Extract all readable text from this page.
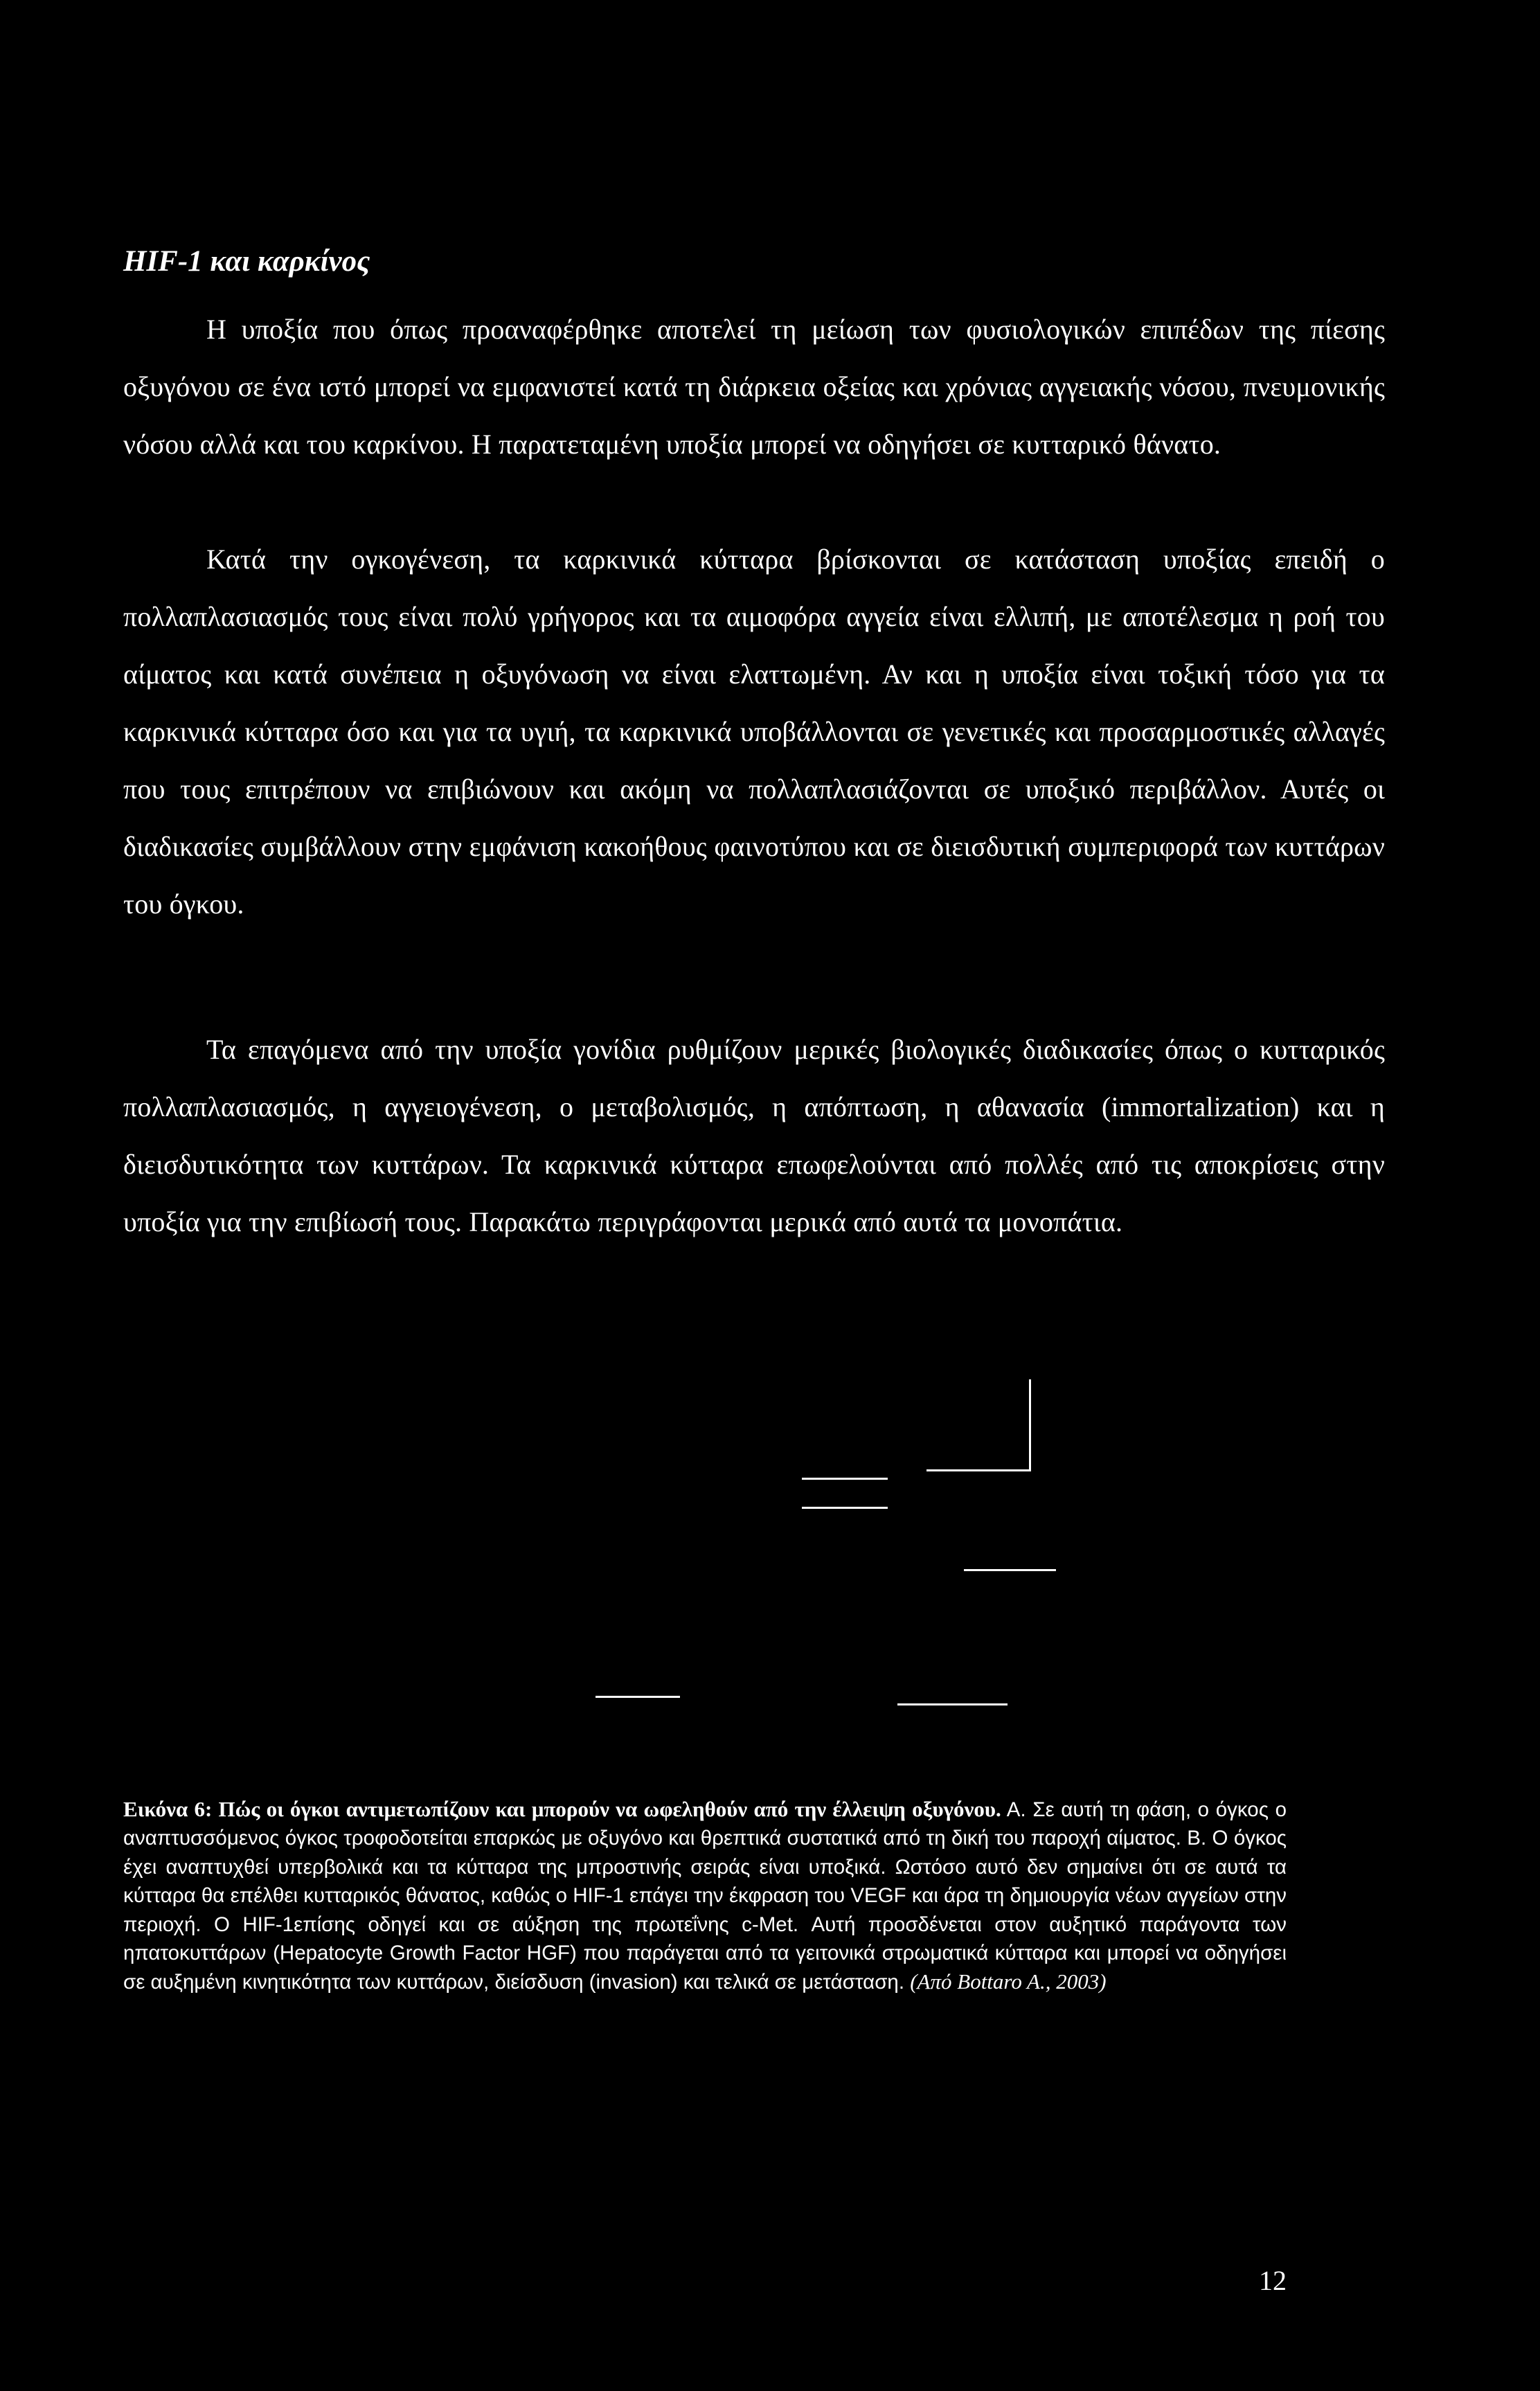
HIF-1 και καρκίνος

Η υποξία που όπως προαναφέρθηκε αποτελεί τη μείωση των φυσιολογικών επιπέδων της πίεσης οξυγόνου σε ένα ιστό μπορεί να εμφανιστεί κατά τη διάρκεια οξείας και χρόνιας αγγειακής νόσου, πνευμονικής νόσου αλλά και του καρκίνου. Η παρατεταμένη υποξία μπορεί να οδηγήσει σε κυτταρικό θάνατο.

Κατά την ογκογένεση, τα καρκινικά κύτταρα βρίσκονται σε κατάσταση υποξίας επειδή ο πολλαπλασιασμός τους είναι πολύ γρήγορος και τα αιμοφόρα αγγεία είναι ελλιπή, με αποτέλεσμα η ροή του αίματος και κατά συνέπεια η οξυγόνωση να είναι ελαττωμένη. Αν και η υποξία είναι τοξική τόσο για τα καρκινικά κύτταρα όσο και για τα υγιή, τα καρκινικά υποβάλλονται σε γενετικές και προσαρμοστικές αλλαγές που τους επιτρέπουν να επιβιώνουν και ακόμη να πολλαπλασιάζονται σε υποξικό περιβάλλον. Αυτές οι διαδικασίες συμβάλλουν στην εμφάνιση κακοήθους φαινοτύπου και σε διεισδυτική συμπεριφορά των κυττάρων του όγκου.

Τα επαγόμενα από την υποξία γονίδια ρυθμίζουν μερικές βιολογικές διαδικασίες όπως ο κυτταρικός πολλαπλασιασμός, η αγγειογένεση, ο μεταβολισμός, η απόπτωση, η αθανασία (immortalization) και η διεισδυτικότητα των κυττάρων. Τα καρκινικά κύτταρα επωφελούνται από πολλές από τις αποκρίσεις στην υποξία για την επιβίωσή τους. Παρακάτω περιγράφονται μερικά από αυτά τα μονοπάτια.

Εικόνα 6: Πώς οι όγκοι αντιμετωπίζουν και μπορούν να ωφεληθούν από την έλλειψη οξυγόνου. Α. Σε αυτή τη φάση, ο όγκος ο αναπτυσσόμενος όγκος τροφοδοτείται επαρκώς με οξυγόνο και θρεπτικά συστατικά από τη δική του παροχή αίματος. Β. Ο όγκος έχει αναπτυχθεί υπερβολικά και τα κύτταρα της μπροστινής σειράς είναι υποξικά. Ωστόσο αυτό δεν σημαίνει ότι σε αυτά τα κύτταρα θα επέλθει κυτταρικός θάνατος, καθώς ο HIF-1 επάγει την έκφραση του VEGF και άρα τη δημιουργία νέων αγγείων στην περιοχή. Ο HIF-1επίσης οδηγεί και σε αύξηση της πρωτεΐνης c-Met. Αυτή προσδένεται στον αυξητικό παράγοντα των ηπατοκυττάρων (Hepatocyte Growth Factor HGF) που παράγεται από τα γειτονικά στρωματικά κύτταρα και μπορεί να οδηγήσει σε αυξημένη κινητικότητα των κυττάρων, διείσδυση (invasion) και τελικά σε μετάσταση. (Από Bottaro A., 2003)

12
